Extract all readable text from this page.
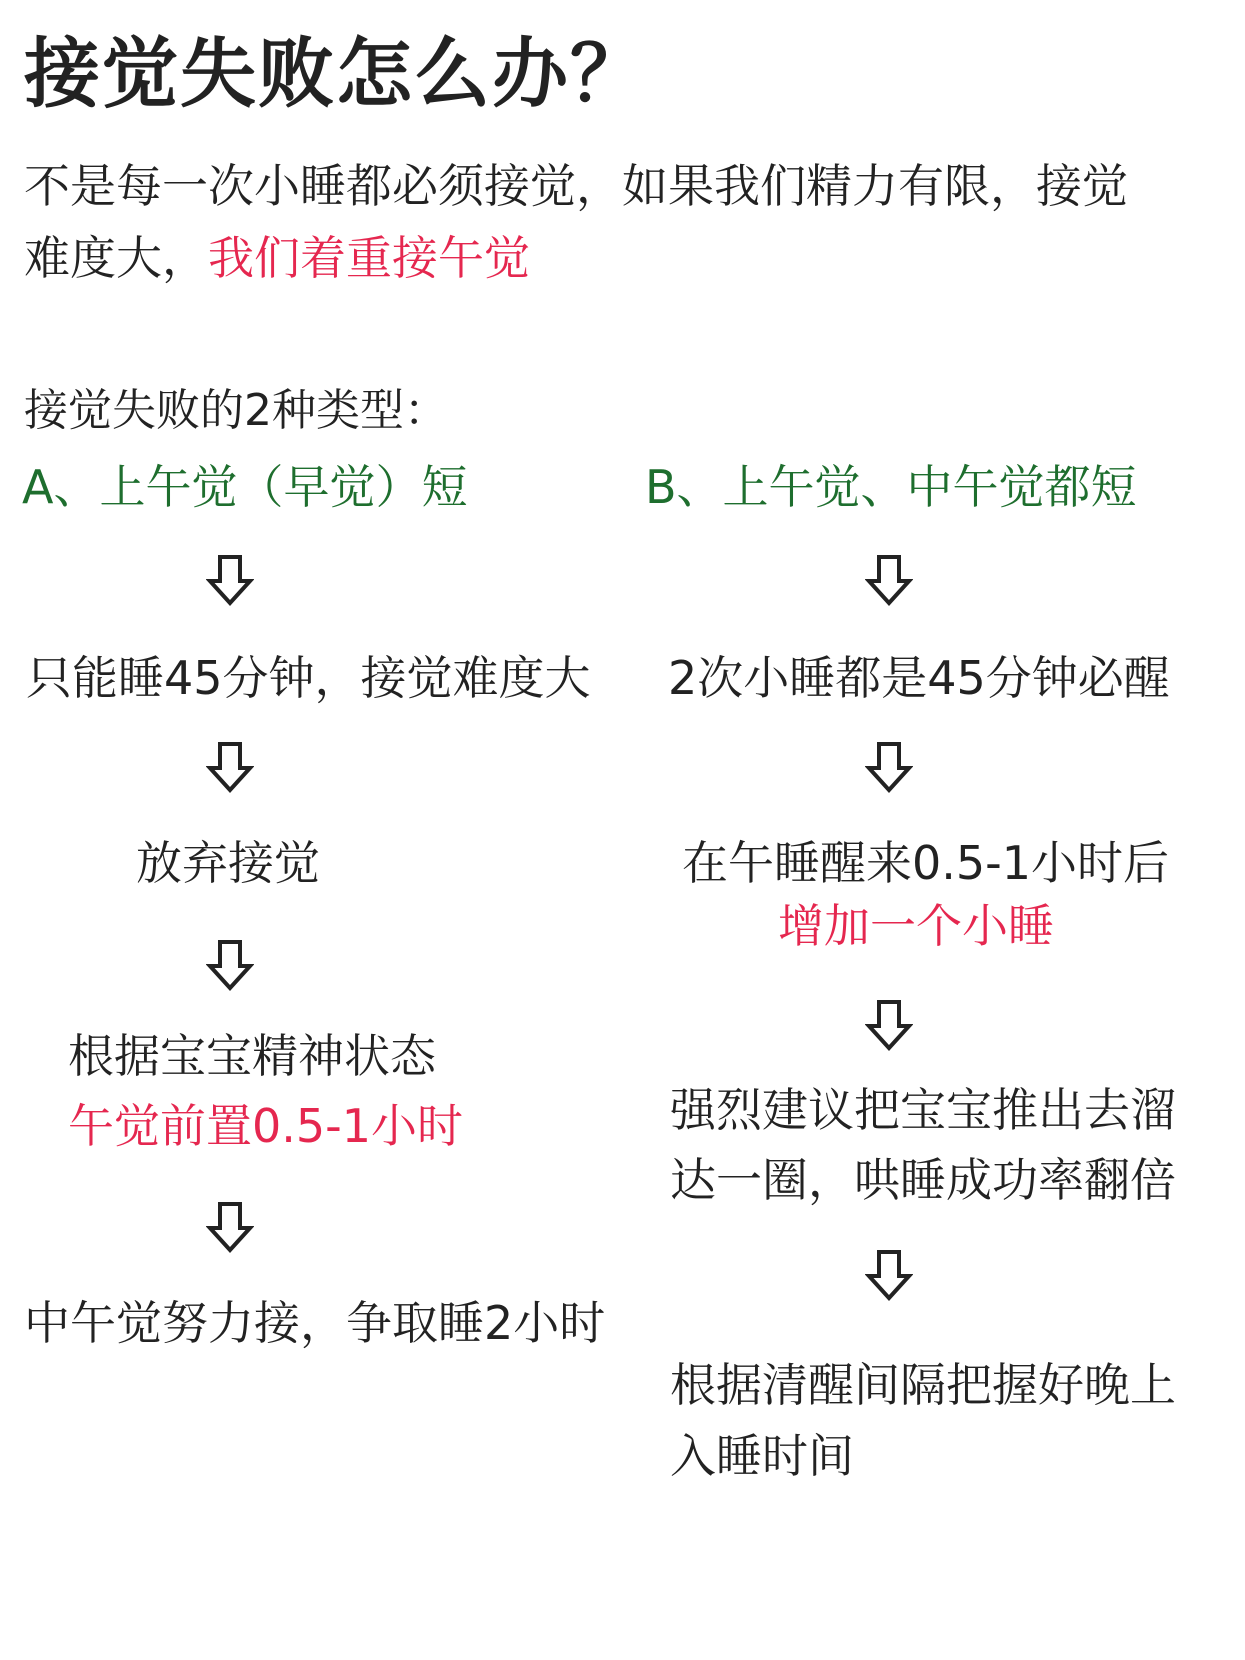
接觉失败怎么办？
不是每一次小睡都必须接觉，如果我们精力有限，接觉
难度大，我们着重接午觉
接觉失败的2种类型：
A、上午觉（早觉）短
只能睡45分钟，接觉难度大
放弃接觉
根据宝宝精神状态
午觉前置0.5-1小时
中午觉努力接，争取睡2小时
B、上午觉、中午觉都短
2次小睡都是45分钟必醒
在午睡醒来0.5-1小时后
增加一个小睡
强烈建议把宝宝推出去溜
达一圈，哄睡成功率翻倍
根据清醒间隔把握好晚上
入睡时间
